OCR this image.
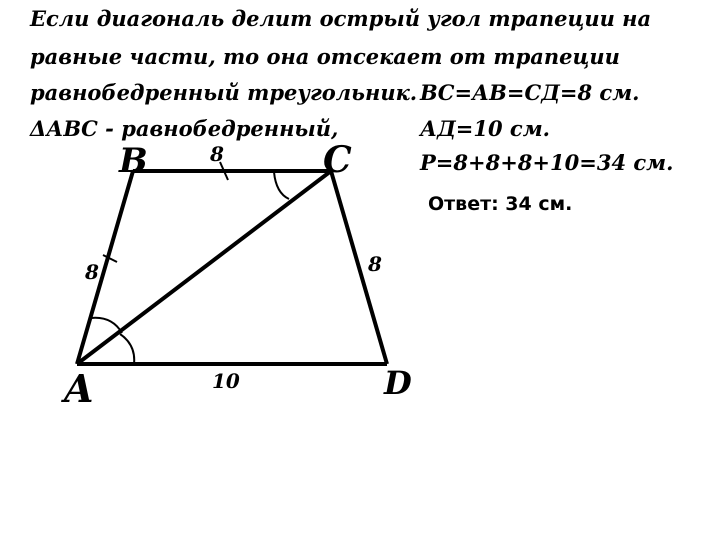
Если диагональ делит острый угол трапеции на
равные части, то она отсекает от трапеции
равнобедренный треугольник.
ΔАВС - равнобедренный,
ВС=АВ=СД=8 см.
АД=10 см.
Р=8+8+8+10=34 см.
Ответ: 34 см.
B	C
A	D
8
8	8
10
